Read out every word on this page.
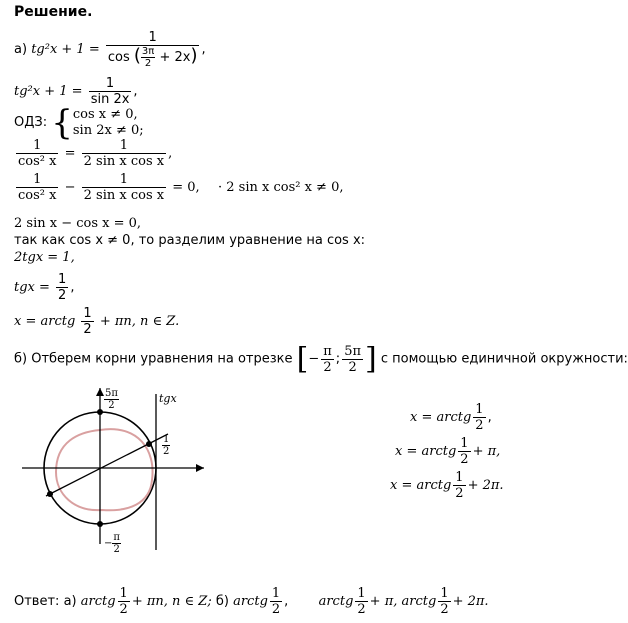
Решение.
а) $tg^2x + 1 = \frac{1}{\cos ( \frac{3\pi}{2} + 2x)}$ ,
$tg^2x + 1 = \frac{1}{\sin 2x}$ ,
ОДЗ: { cos x ≠ 0,
sin 2x ≠ 0;
$\frac{1}{\text{cos² x}} = \frac{1}{\text{2 sin x cos x}}$ ,
$\frac{1}{\text{cos² x}} - \frac{1}{\text{2 sin x cos x}} = 0$, · 2 sin x cos² x ≠ 0,
2 sin x − cos x = 0,
так как cos x ≠ 0, то разделим уравнение на cos x:
2tgx = 1,
tgx = $\frac{1}{2}$ ,
x = arctg $\frac{1}{2} + \pi n$, n ∈ Z.
б) Отберем корни уравнения на отрезке [− $\frac{\pi}{2}$ ; $\frac{5\pi}{2}$ ] с помощью единичной окружности:
tgx
$\frac{5\pi}{2}$
$\frac{1}{2}$
− $\frac{\pi}{2}$
x = arctg $\frac{1}{2}$ ,
x = arctg $\frac{1}{2} + \pi$,
x = arctg $\frac{1}{2} + 2\pi$.
Ответ: а) arctg $\frac{1}{2} + \pi n$, n ∈ Z; б) arctg $\frac{1}{2}$ , arctg $\frac{1}{2} + \pi$, arctg $\frac{1}{2} + 2\pi$.
